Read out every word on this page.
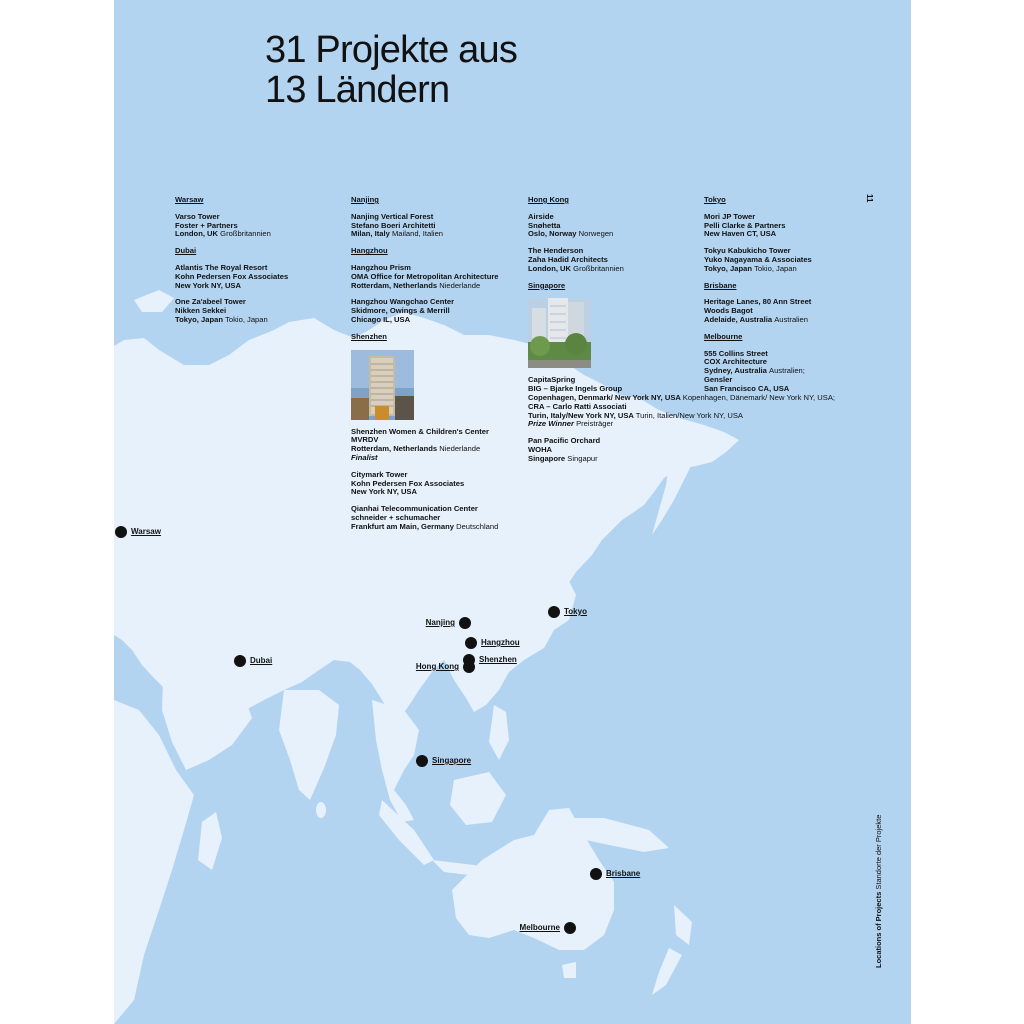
31 Projekte aus
13 Ländern
Warsaw
Varso Tower
Foster + Partners
London, UK Großbritannien
Dubai
Atlantis The Royal Resort
Kohn Pedersen Fox Associates
New York NY, USA
One Za'abeel Tower
Nikken Sekkei
Tokyo, Japan Tokio, Japan
Nanjing
Nanjing Vertical Forest
Stefano Boeri Architetti
Milan, Italy Mailand, Italien
Hangzhou
Hangzhou Prism
OMA Office for Metropolitan Architecture
Rotterdam, Netherlands Niederlande
Hangzhou Wangchao Center
Skidmore, Owings & Merrill
Chicago IL, USA
Shenzhen
Shenzhen Women & Children's Center
MVRDV
Rotterdam, Netherlands Niederlande
Finalist
Citymark Tower
Kohn Pedersen Fox Associates
New York NY, USA
Qianhai Telecommunication Center
schneider + schumacher
Frankfurt am Main, Germany Deutschland
Hong Kong
Airside
Snøhetta
Oslo, Norway Norwegen
The Henderson
Zaha Hadid Architects
London, UK Großbritannien
Singapore
CapitaSpring
BIG – Bjarke Ingels Group
Copenhagen, Denmark/ New York NY, USA Kopenhagen, Dänemark/ New York NY, USA;
CRA – Carlo Ratti Associati
Turin, Italy/New York NY, USA Turin, Italien/New York NY, USA
Prize Winner Preisträger
Pan Pacific Orchard
WOHA
Singapore Singapur
Tokyo
Mori JP Tower
Pelli Clarke & Partners
New Haven CT, USA
Tokyu Kabukicho Tower
Yuko Nagayama & Associates
Tokyo, Japan Tokio, Japan
Brisbane
Heritage Lanes, 80 Ann Street
Woods Bagot
Adelaide, Australia Australien
Melbourne
555 Collins Street
COX Architecture
Sydney, Australia Australien;
Gensler
San Francisco CA, USA
11
Locations of Projects Standorte der Projekte
Warsaw
Dubai
Nanjing
Hangzhou
Shenzhen
Hong Kong
Tokyo
Singapore
Brisbane
Melbourne
